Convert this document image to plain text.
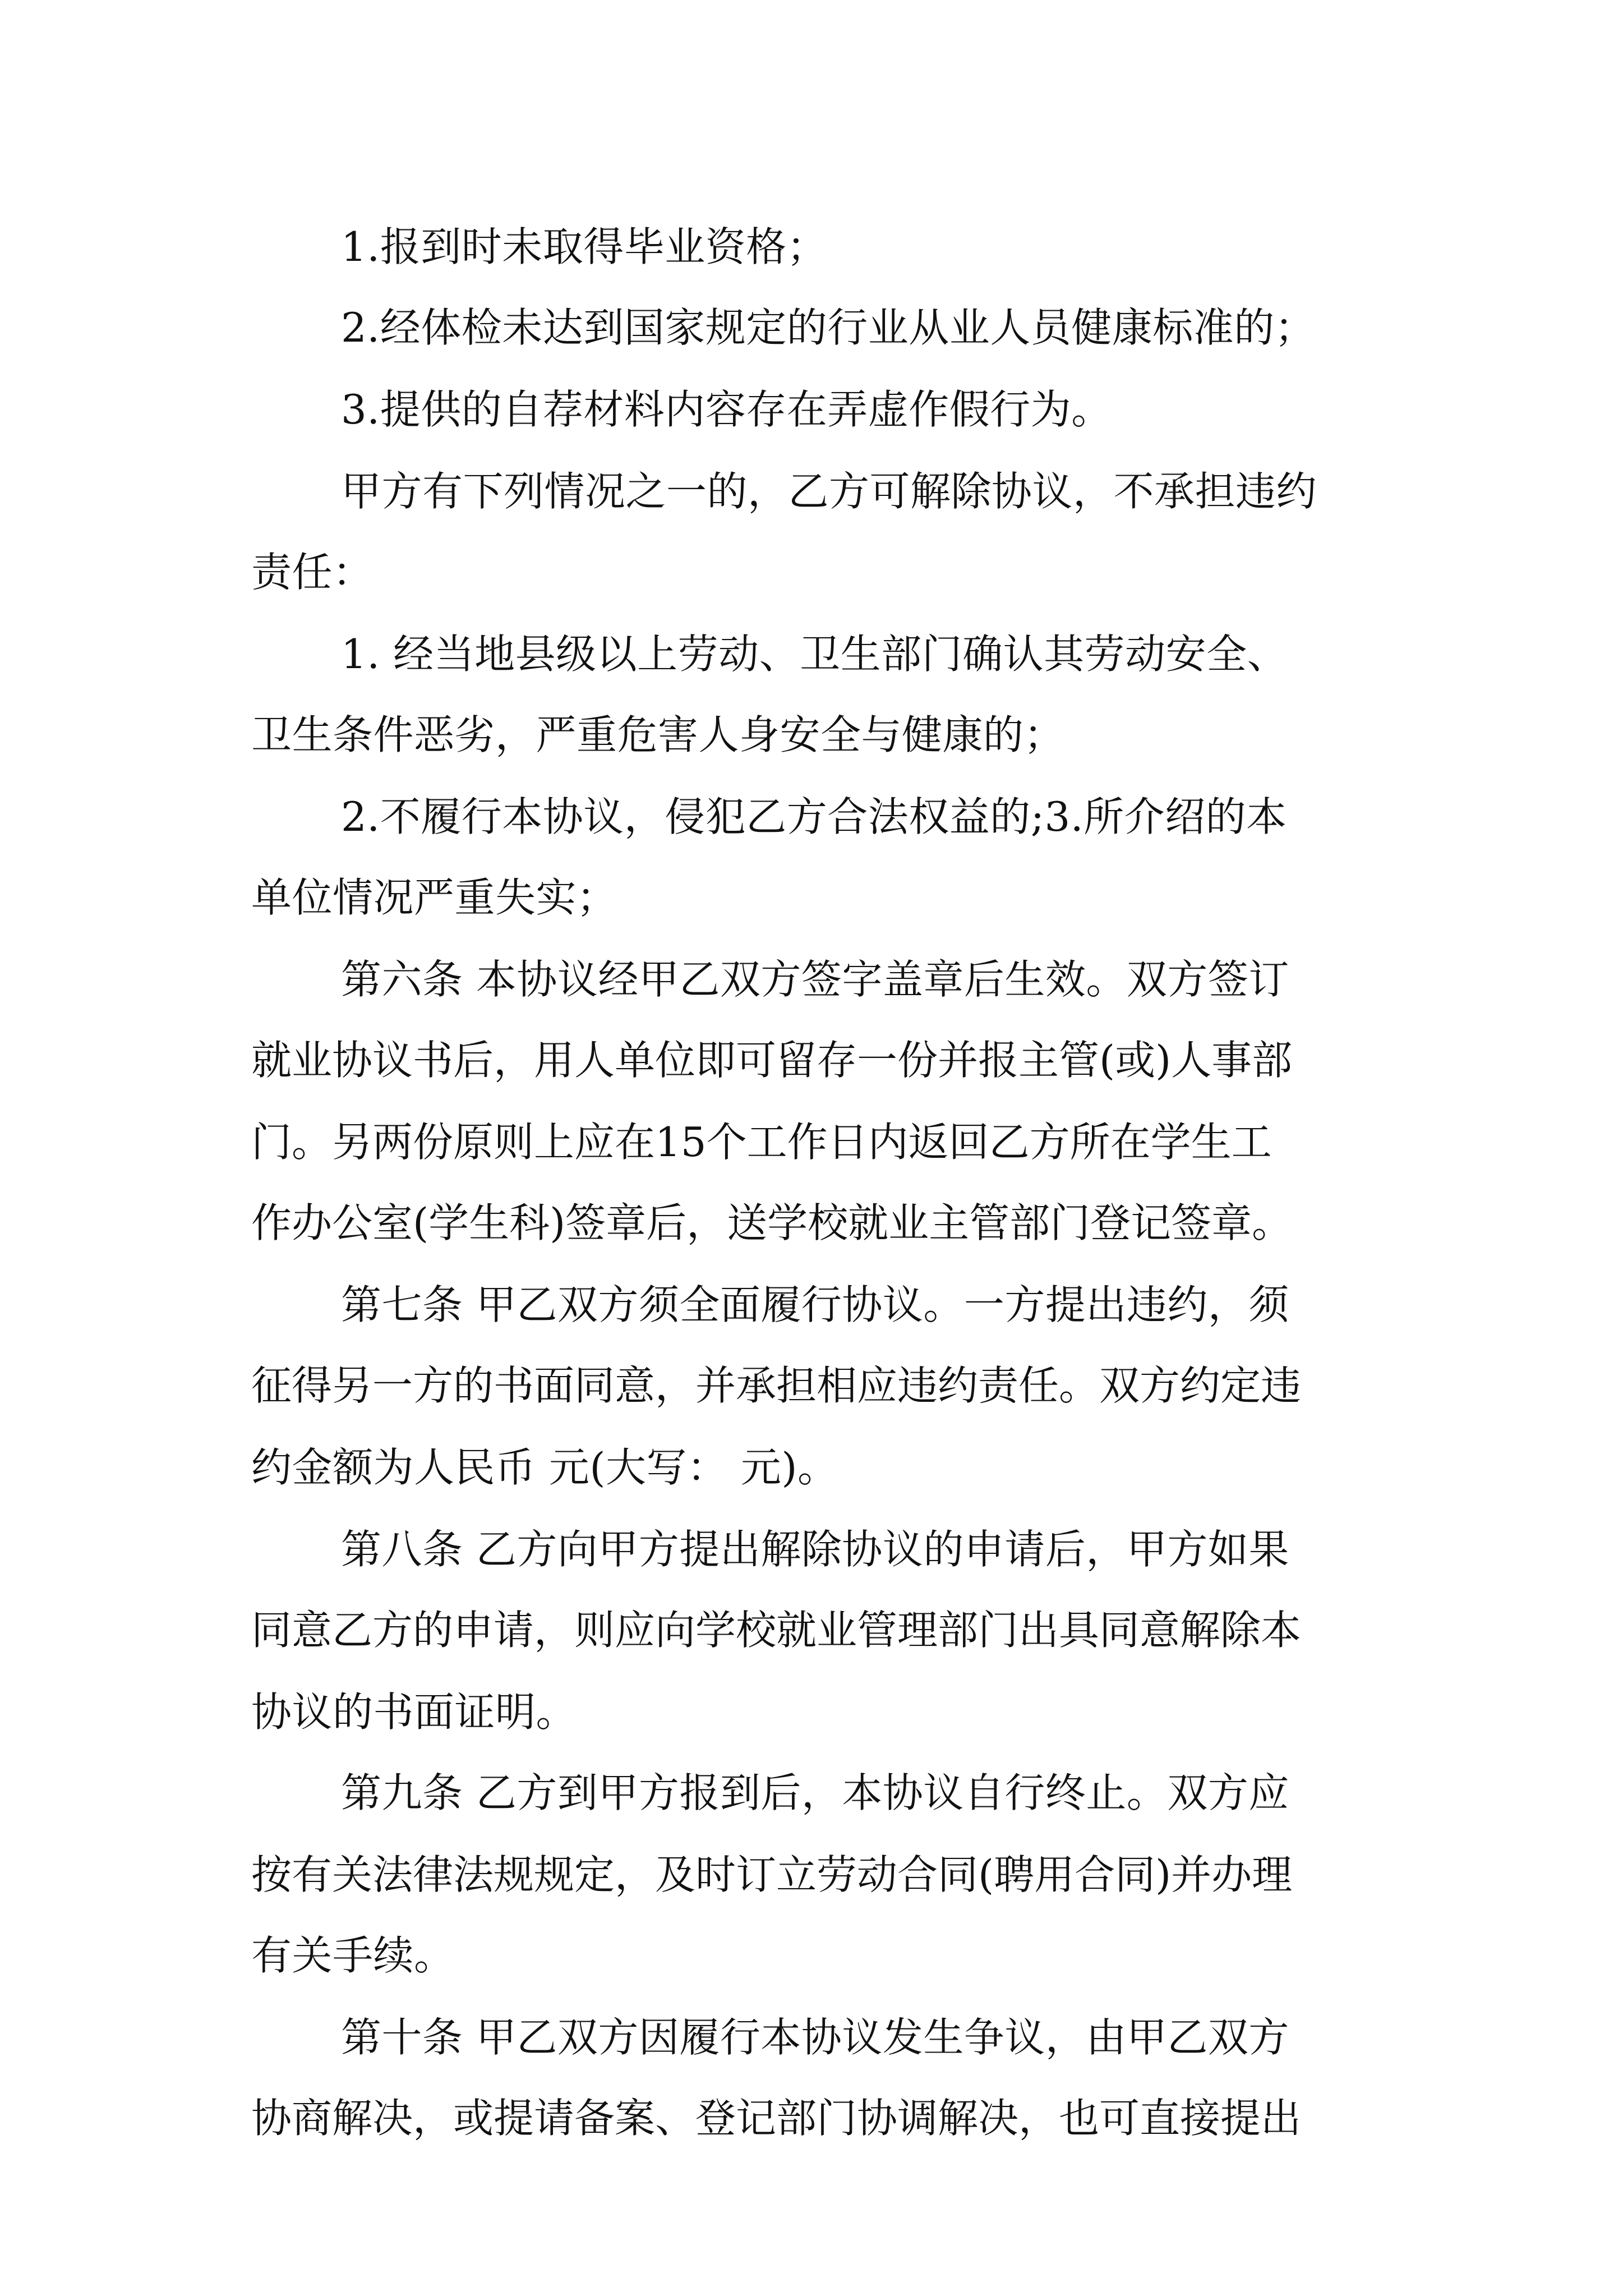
1.报到时未取得毕业资格；

2.经体检未达到国家规定的行业从业人员健康标准的；

3.提供的自荐材料内容存在弄虚作假行为。

甲方有下列情况之一的，乙方可解除协议，不承担违约

责任：

1. 经当地县级以上劳动、卫生部门确认其劳动安全、

卫生条件恶劣，严重危害人身安全与健康的；

2.不履行本协议，侵犯乙方合法权益的;3.所介绍的本

单位情况严重失实；

第六条 本协议经甲乙双方签字盖章后生效。双方签订

就业协议书后，用人单位即可留存一份并报主管(或)人事部

门。另两份原则上应在15个工作日内返回乙方所在学生工

作办公室(学生科)签章后，送学校就业主管部门登记签章。

第七条 甲乙双方须全面履行协议。一方提出违约，须

征得另一方的书面同意，并承担相应违约责任。双方约定违

约金额为人民币 元(大写： 元)。

第八条 乙方向甲方提出解除协议的申请后，甲方如果

同意乙方的申请，则应向学校就业管理部门出具同意解除本

协议的书面证明。

第九条 乙方到甲方报到后，本协议自行终止。双方应

按有关法律法规规定，及时订立劳动合同(聘用合同)并办理

有关手续。

第十条 甲乙双方因履行本协议发生争议，由甲乙双方

协商解决，或提请备案、登记部门协调解决，也可直接提出
